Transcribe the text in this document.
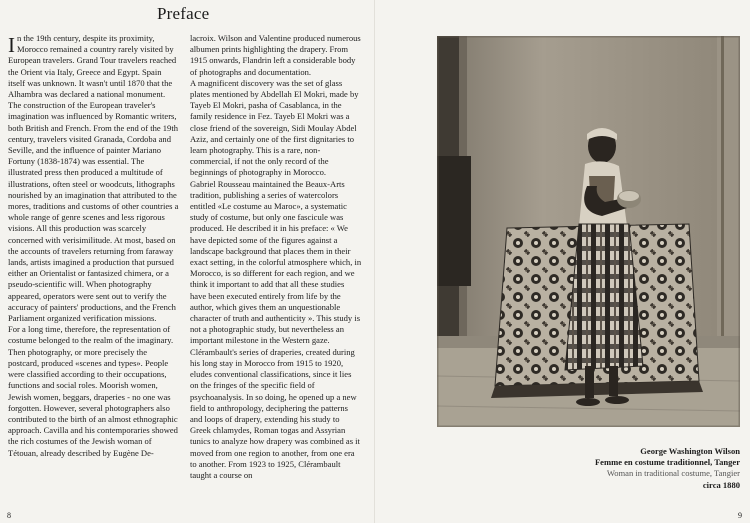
Preface

In the 19th century, despite its proximity, Morocco remained a country rarely visited by European travelers. Grand Tour travelers reached the Orient via Italy, Greece and Egypt. Spain itself was unknown. It wasn't until 1870 that the Alhambra was declared a national monument. The construction of the European traveler's imagination was influenced by Romantic writers, both British and French. From the end of the 19th century, travelers visited Granada, Cordoba and Seville, and the influence of painter Mariano Fortuny (1838-1874) was essential. The illustrated press then produced a multitude of illustrations, often steel or woodcuts, lithographs nourished by an imagination that attributed to the mores, traditions and customs of other countries a whole range of genre scenes and less rigorous visions. All this production was scarcely concerned with verisimilitude. At most, based on the accounts of travelers returning from faraway lands, artists imagined a production that pursued either an Orientalist or fantasized chimera, or a pseudo-scientific will. When photography appeared, operators were sent out to verify the accuracy of painters' productions, and the French Parliament organized verification missions.

For a long time, therefore, the representation of costume belonged to the realm of the imaginary. Then photography, or more precisely the postcard, produced «scenes and types». People were classified according to their occupations, functions and social roles. Moorish women, Jewish women, beggars, draperies - no one was forgotten. However, several photographers also contributed to the birth of an almost ethnographic approach. Cavilla and his contemporaries showed the rich costumes of the Jewish woman of Tétouan, already described by Eugène De-

lacroix. Wilson and Valentine produced numerous albumen prints highlighting the drapery. From 1915 onwards, Flandrin left a considerable body of photographs and documentation.

A magnificent discovery was the set of glass plates mentioned by Abdellah El Mokri, made by Tayeb El Mokri, pasha of Casablanca, in the family residence in Fez. Tayeb El Mokri was a close friend of the sovereign, Sidi Moulay Abdel Aziz, and certainly one of the first dignitaries to learn photography. This is a rare, non-commercial, if not the only record of the beginnings of photography in Morocco.

Gabriel Rousseau maintained the Beaux-Arts tradition, publishing a series of watercolors entitled «Le costume au Maroc», a systematic study of costume, but only one fascicule was produced. He described it in his preface: « We have depicted some of the figures against a landscape background that places them in their exact setting, in the colorful atmosphere which, in Morocco, is so different for each region, and we think it important to add that all these studies have been executed entirely from life by the author, which gives them an unquestionable character of truth and authenticity ». This study is not a photographic study, but nevertheless an important milestone in the Western gaze.

Clérambault's series of draperies, created during his long stay in Morocco from 1915 to 1920, eludes conventional classifications, since it lies on the fringes of the specific field of psychoanalysis. In so doing, he opened up a new field to anthropology, deciphering the patterns and loops of drapery, extending his study to Greek chlamydes, Roman togas and Assyrian tunics to analyze how drapery was combined as it moved from one region to another, from one era to another. From 1923 to 1925, Clérambault taught a course on

8
George Washington Wilson
Femme en costume traditionnel, Tanger
Woman in traditional costume, Tangier
circa 1880
9
